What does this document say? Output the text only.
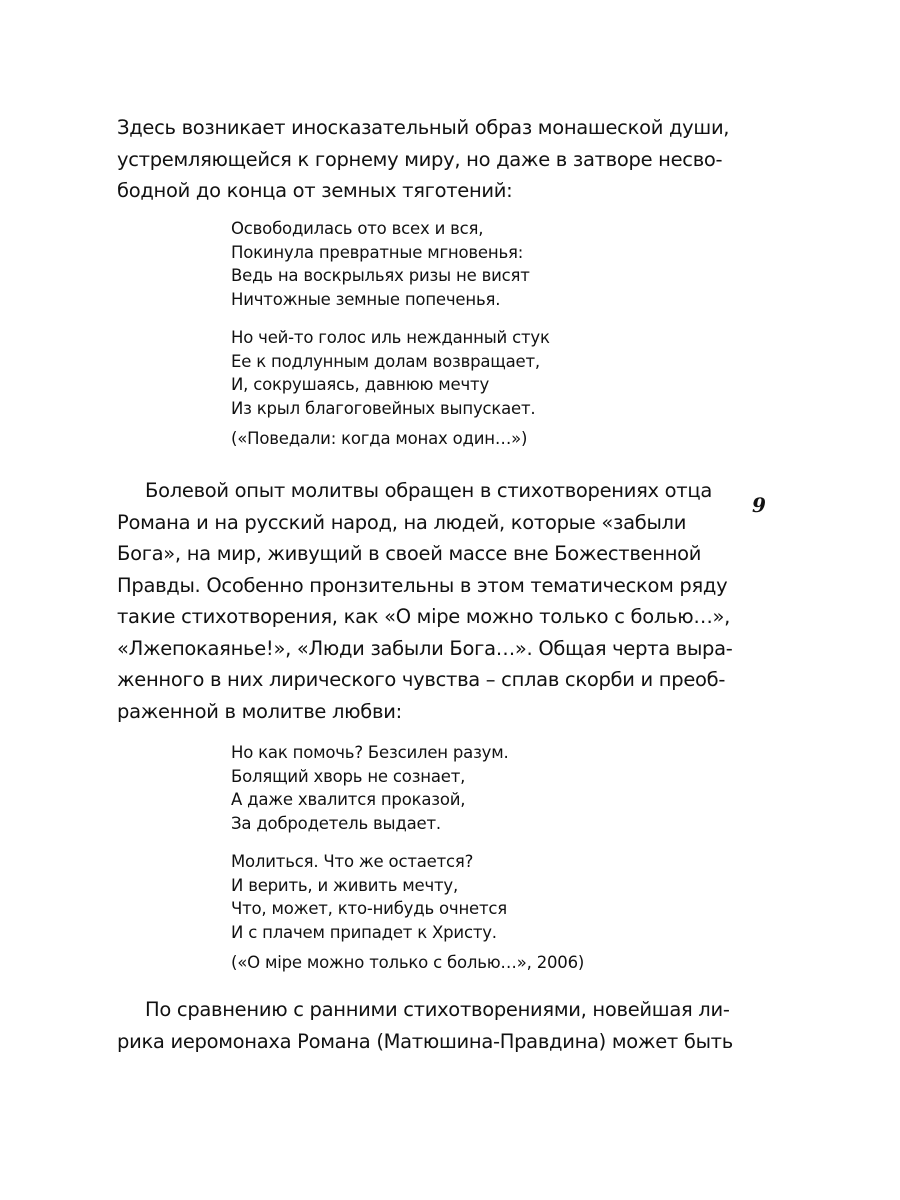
Здесь возникает иносказательный образ монашеской души,
устремляющейся к горнему миру, но даже в затворе несво-
бодной до конца от земных тяготений:
Освободилась ото всех и вся,
Покинула превратные мгновенья:
Ведь на воскрыльях ризы не висят
Ничтожные земные попеченья.
Но чей-то голос иль нежданный стук
Ее к подлунным долам возвращает,
И, сокрушаясь, давнюю мечту
Из крыл благоговейных выпускает.
(«Поведали: когда монах один…»)
Болевой опыт молитвы обращен в стихотворениях отца
Романа и на русский народ, на людей, которые «забыли
Бога», на мир, живущий в своей массе вне Божественной
Правды. Особенно пронзительны в этом тематическом ряду
такие стихотворения, как «О міре можно только с болью…»,
«Лжепокаянье!», «Люди забыли Бога…». Общая черта выра-
женного в них лирического чувства – сплав скорби и преоб-
раженной в молитве любви:
Но как помочь? Безсилен разум.
Болящий хворь не сознает,
А даже хвалится проказой,
За добродетель выдает.
Молиться. Что же остается?
И верить, и живить мечту,
Что, может, кто-нибудь очнется
И с плачем припадет к Христу.
(«О міре можно только с болью…», 2006)
По сравнению с ранними стихотворениями, новейшая ли-
рика иеромонаха Романа (Матюшина-Правдина) может быть
9
